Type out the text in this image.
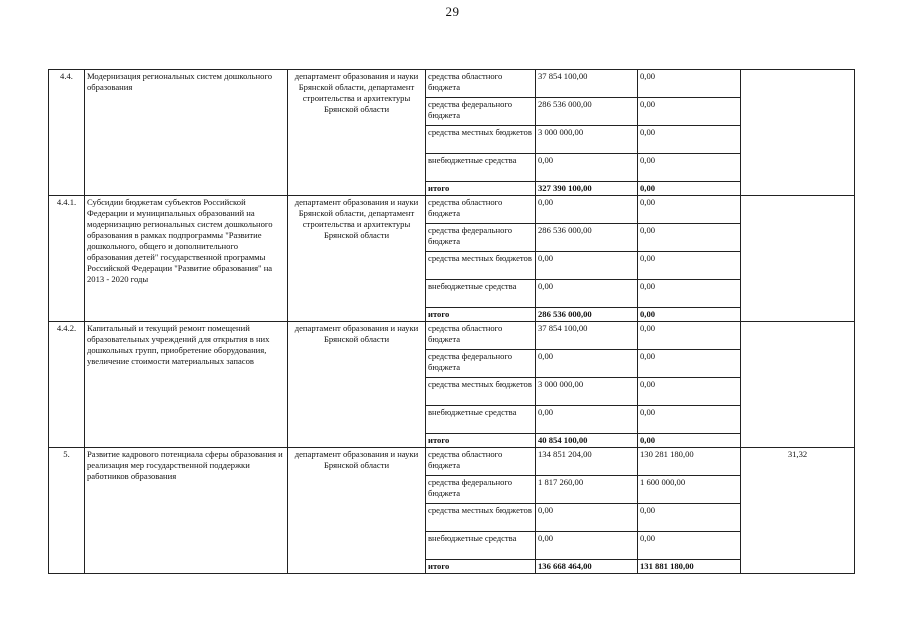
29
4.4.	Модернизация региональных систем дошкольного образования	департамент образования и науки Брянской области, департамент строительства и архитектуры Брянской области	средства областного бюджета	37 854 100,00	0,00	
			средства федерального бюджета	286 536 000,00	0,00	
			средства местных бюджетов	3 000 000,00	0,00	
			внебюджетные средства	0,00	0,00	
			итого	327 390 100,00	0,00	
4.4.1.	Субсидии бюджетам субъектов Российской Федерации и муниципальных образований на модернизацию региональных систем дошкольного образования в рамках подпрограммы "Развитие дошкольного, общего и дополнительного образования детей" государственной программы Российской Федерации "Развитие образования" на 2013 - 2020 годы	департамент образования и науки Брянской области, департамент строительства и архитектуры Брянской области	средства областного бюджета	0,00	0,00	
			средства федерального бюджета	286 536 000,00	0,00	
			средства местных бюджетов	0,00	0,00	
			внебюджетные средства	0,00	0,00	
			итого	286 536 000,00	0,00	
4.4.2.	Капитальный и текущий ремонт помещений образовательных учреждений для открытия в них дошкольных групп, приобретение оборудования, увеличение стоимости материальных запасов	департамент образования и науки Брянской области	средства областного бюджета	37 854 100,00	0,00	
			средства федерального бюджета	0,00	0,00	
			средства местных бюджетов	3 000 000,00	0,00	
			внебюджетные средства	0,00	0,00	
			итого	40 854 100,00	0,00	
5.	Развитие кадрового потенциала сферы образования и реализация мер государственной поддержки работников образования	департамент образования и науки Брянской области	средства областного бюджета	134 851 204,00	130 281 180,00	31,32
			средства федерального бюджета	1 817 260,00	1 600 000,00	
			средства местных бюджетов	0,00	0,00	
			внебюджетные средства	0,00	0,00	
			итого	136 668 464,00	131 881 180,00	
